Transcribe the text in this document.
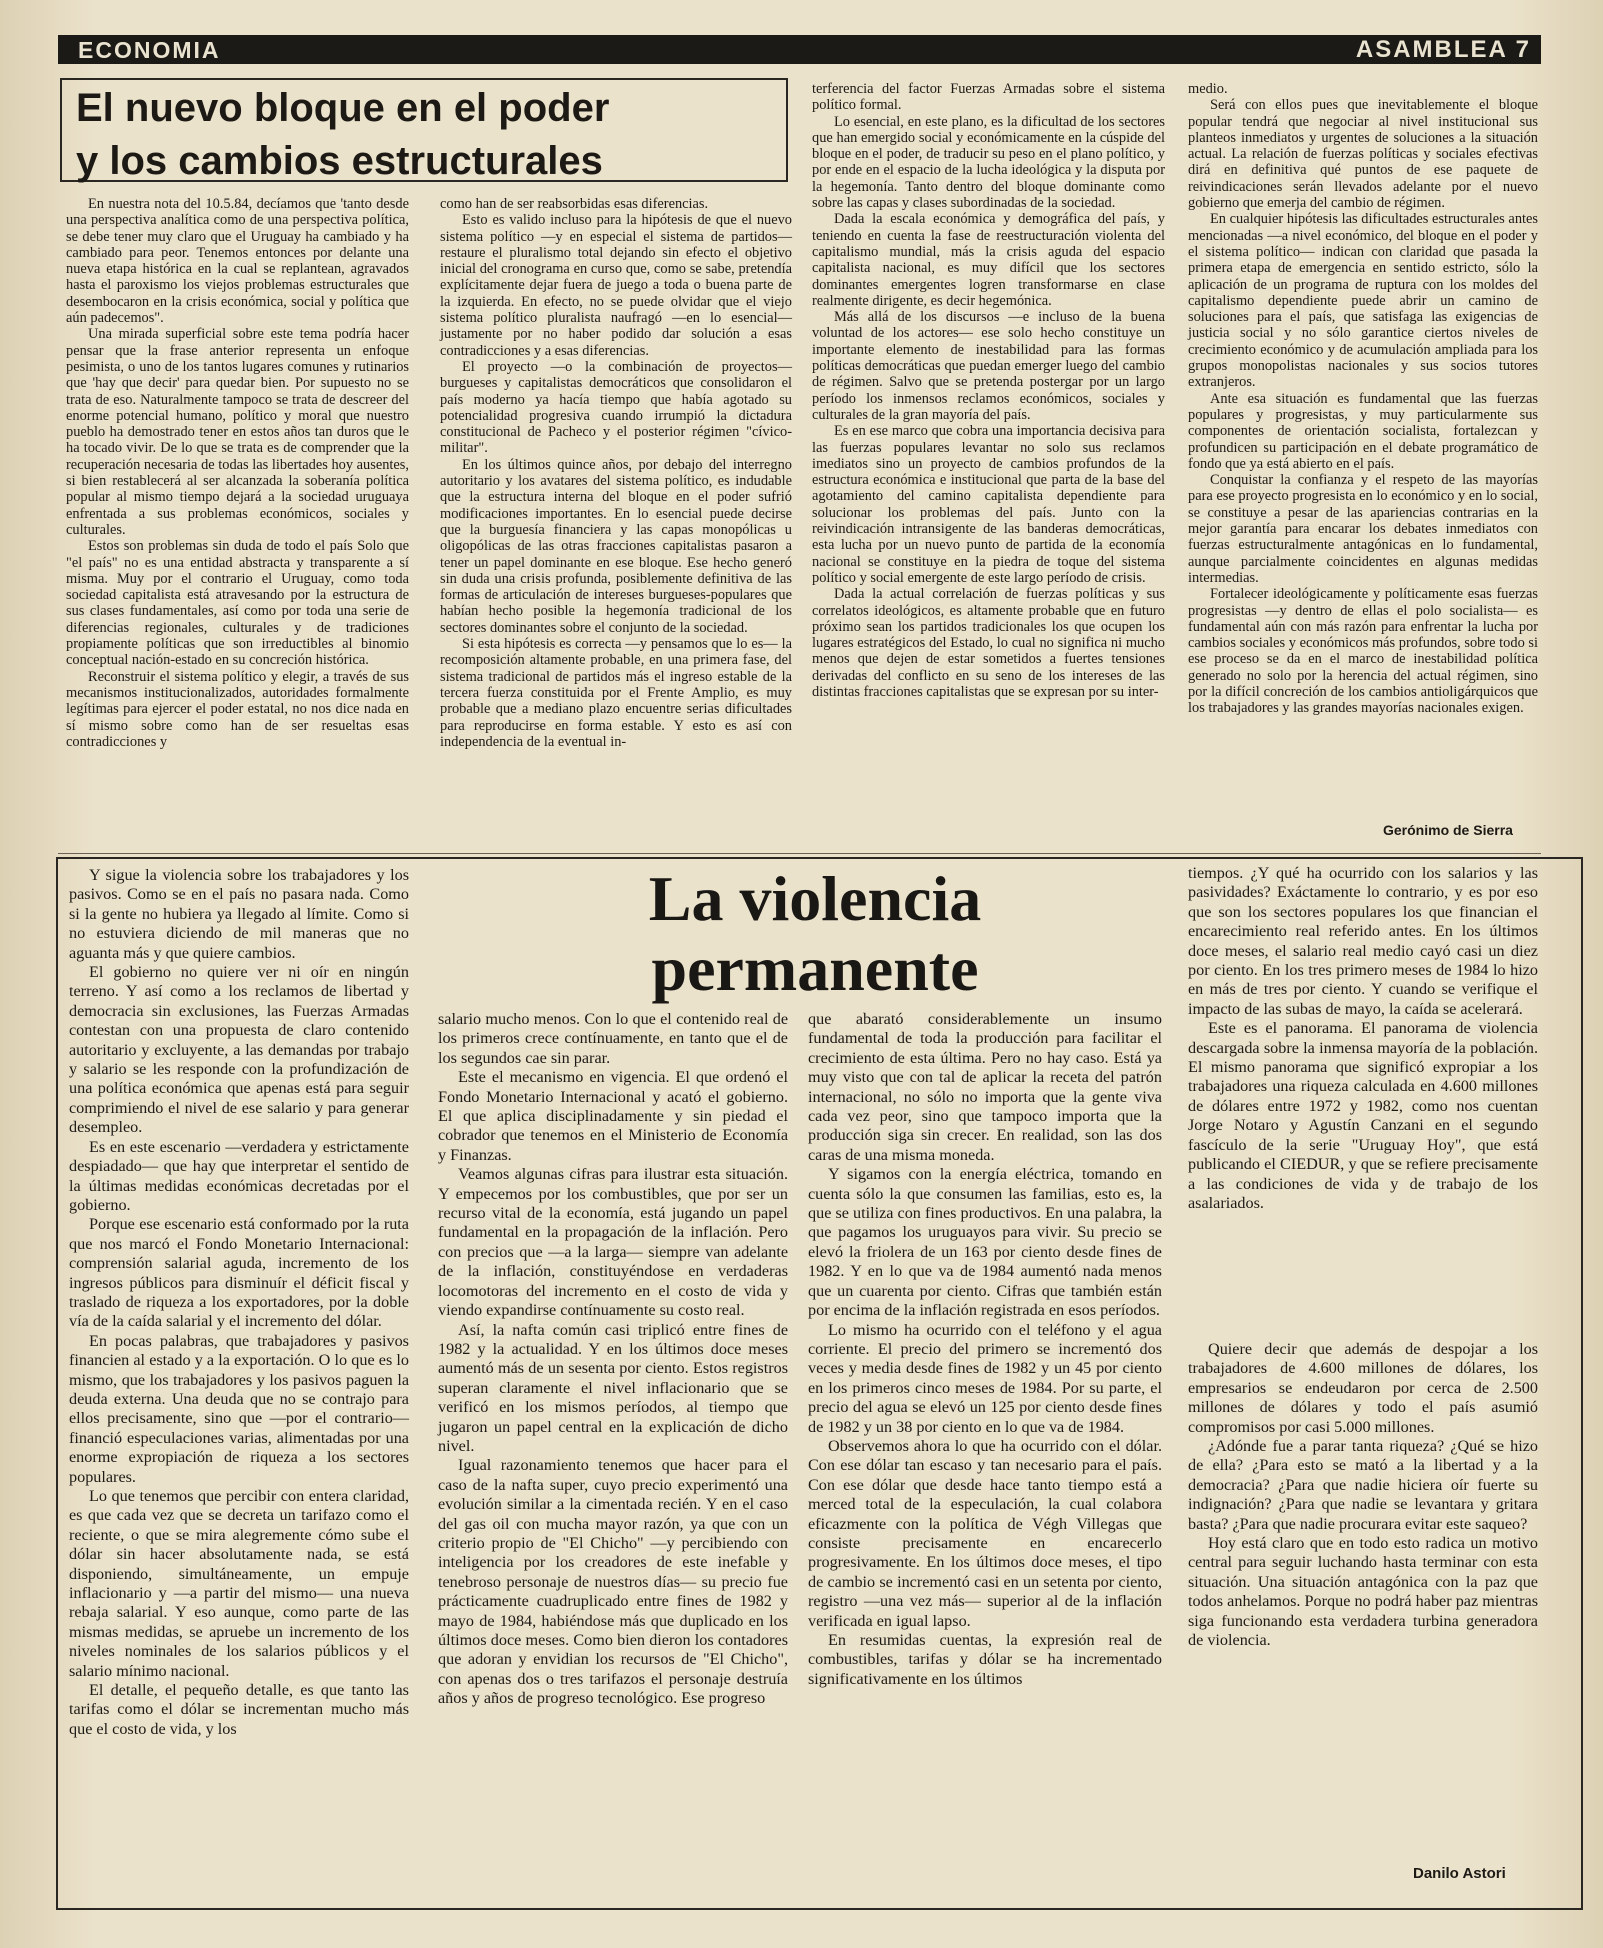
ECONOMIA	ASAMBLEA 7
El nuevo bloque en el poder
y los cambios estructurales

En nuestra nota del 10.5.84, decíamos que 'tanto desde una perspectiva analítica como de una perspectiva política, se debe tener muy claro que el Uruguay ha cambiado y ha cambiado para peor. Tenemos entonces por delante una nueva etapa histórica en la cual se replantean, agravados hasta el paroxismo los viejos problemas estructurales que desembocaron en la crisis económica, social y política que aún padecemos".

Una mirada superficial sobre este tema podría hacer pensar que la frase anterior representa un enfoque pesimista, o uno de los tantos lugares comunes y rutinarios que 'hay que decir' para quedar bien. Por supuesto no se trata de eso. Naturalmente tampoco se trata de descreer del enorme potencial humano, político y moral que nuestro pueblo ha demostrado tener en estos años tan duros que le ha tocado vivir. De lo que se trata es de comprender que la recuperación necesaria de todas las libertades hoy ausentes, si bien restablecerá al ser alcanzada la soberanía política popular al mismo tiempo dejará a la sociedad uruguaya enfrentada a sus problemas económicos, sociales y culturales.

Estos son problemas sin duda de todo el país Solo que "el país" no es una entidad abstracta y transparente a sí misma. Muy por el contrario el Uruguay, como toda sociedad capitalista está atravesando por la estructura de sus clases fundamentales, así como por toda una serie de diferencias regionales, culturales y de tradiciones propiamente políticas que son irreductibles al binomio conceptual nación-estado en su concreción histórica.

Reconstruir el sistema político y elegir, a través de sus mecanismos institucionalizados, autoridades formalmente legítimas para ejercer el poder estatal, no nos dice nada en sí mismo sobre como han de ser resueltas esas contradicciones y

como han de ser reabsorbidas esas diferencias.

Esto es valido incluso para la hipótesis de que el nuevo sistema político —y en especial el sistema de partidos— restaure el pluralismo total dejando sin efecto el objetivo inicial del cronograma en curso que, como se sabe, pretendía explícitamente dejar fuera de juego a toda o buena parte de la izquierda. En efecto, no se puede olvidar que el viejo sistema político pluralista naufragó —en lo esencial— justamente por no haber podido dar solución a esas contradicciones y a esas diferencias.

El proyecto —o la combinación de proyectos— burgueses y capitalistas democráticos que consolidaron el país moderno ya hacía tiempo que había agotado su potencialidad progresiva cuando irrumpió la dictadura constitucional de Pacheco y el posterior régimen "cívico-militar".

En los últimos quince años, por debajo del interregno autoritario y los avatares del sistema político, es indudable que la estructura interna del bloque en el poder sufrió modificaciones importantes. En lo esencial puede decirse que la burguesía financiera y las capas monopólicas u oligopólicas de las otras fracciones capitalistas pasaron a tener un papel dominante en ese bloque. Ese hecho generó sin duda una crisis profunda, posiblemente definitiva de las formas de articulación de intereses burgueses-populares que habían hecho posible la hegemonía tradicional de los sectores dominantes sobre el conjunto de la sociedad.

Si esta hipótesis es correcta —y pensamos que lo es— la recomposición altamente probable, en una primera fase, del sistema tradicional de partidos más el ingreso estable de la tercera fuerza constituida por el Frente Amplio, es muy probable que a mediano plazo encuentre serias dificultades para reproducirse en forma estable. Y esto es así con independencia de la eventual in-

terferencia del factor Fuerzas Armadas sobre el sistema político formal.

Lo esencial, en este plano, es la dificultad de los sectores que han emergido social y económicamente en la cúspide del bloque en el poder, de traducir su peso en el plano político, y por ende en el espacio de la lucha ideológica y la disputa por la hegemonía. Tanto dentro del bloque dominante como sobre las capas y clases subordinadas de la sociedad.

Dada la escala económica y demográfica del país, y teniendo en cuenta la fase de reestructuración violenta del capitalismo mundial, más la crisis aguda del espacio capitalista nacional, es muy difícil que los sectores dominantes emergentes logren transformarse en clase realmente dirigente, es decir hegemónica.

Más allá de los discursos —e incluso de la buena voluntad de los actores— ese solo hecho constituye un importante elemento de inestabilidad para las formas políticas democráticas que puedan emerger luego del cambio de régimen. Salvo que se pretenda postergar por un largo período los inmensos reclamos económicos, sociales y culturales de la gran mayoría del país.

Es en ese marco que cobra una importancia decisiva para las fuerzas populares levantar no solo sus reclamos imediatos sino un proyecto de cambios profundos de la estructura económica e institucional que parta de la base del agotamiento del camino capitalista dependiente para solucionar los problemas del país. Junto con la reivindicación intransigente de las banderas democráticas, esta lucha por un nuevo punto de partida de la economía nacional se constituye en la piedra de toque del sistema político y social emergente de este largo período de crisis.

Dada la actual correlación de fuerzas políticas y sus correlatos ideológicos, es altamente probable que en futuro próximo sean los partidos tradicionales los que ocupen los lugares estratégicos del Estado, lo cual no significa ni mucho menos que dejen de estar sometidos a fuertes tensiones derivadas del conflicto en su seno de los intereses de las distintas fracciones capitalistas que se expresan por su inter-

medio.

Será con ellos pues que inevitablemente el bloque popular tendrá que negociar al nivel institucional sus planteos inmediatos y urgentes de soluciones a la situación actual. La relación de fuerzas políticas y sociales efectivas dirá en definitiva qué puntos de ese paquete de reivindicaciones serán llevados adelante por el nuevo gobierno que emerja del cambio de régimen.

En cualquier hipótesis las dificultades estructurales antes mencionadas —a nivel económico, del bloque en el poder y el sistema político— indican con claridad que pasada la primera etapa de emergencia en sentido estricto, sólo la aplicación de un programa de ruptura con los moldes del capitalismo dependiente puede abrir un camino de soluciones para el país, que satisfaga las exigencias de justicia social y no sólo garantice ciertos niveles de crecimiento económico y de acumulación ampliada para los grupos monopolistas nacionales y sus socios tutores extranjeros.

Ante esa situación es fundamental que las fuerzas populares y progresistas, y muy particularmente sus componentes de orientación socialista, fortalezcan y profundicen su participación en el debate programático de fondo que ya está abierto en el país.

Conquistar la confianza y el respeto de las mayorías para ese proyecto progresista en lo económico y en lo social, se constituye a pesar de las apariencias contrarias en la mejor garantía para encarar los debates inmediatos con fuerzas estructuralmente antagónicas en lo fundamental, aunque parcialmente coincidentes en algunas medidas intermedias.

Fortalecer ideológicamente y políticamente esas fuerzas progresistas —y dentro de ellas el polo socialista— es fundamental aún con más razón para enfrentar la lucha por cambios sociales y económicos más profundos, sobre todo si ese proceso se da en el marco de inestabilidad política generado no solo por la herencia del actual régimen, sino por la difícil concreción de los cambios antioligárquicos que los trabajadores y las grandes mayorías nacionales exigen.

Gerónimo de Sierra
La violencia
permanente

Y sigue la violencia sobre los trabajadores y los pasivos. Como se en el país no pasara nada. Como si la gente no hubiera ya llegado al límite. Como si no estuviera diciendo de mil maneras que no aguanta más y que quiere cambios.

El gobierno no quiere ver ni oír en ningún terreno. Y así como a los reclamos de libertad y democracia sin exclusiones, las Fuerzas Armadas contestan con una propuesta de claro contenido autoritario y excluyente, a las demandas por trabajo y salario se les responde con la profundización de una política económica que apenas está para seguir comprimiendo el nivel de ese salario y para generar desempleo.

Es en este escenario —verdadera y estrictamente despiadado— que hay que interpretar el sentido de la últimas medidas económicas decretadas por el gobierno.

Porque ese escenario está conformado por la ruta que nos marcó el Fondo Monetario Internacional: comprensión salarial aguda, incremento de los ingresos públicos para disminuír el déficit fiscal y traslado de riqueza a los exportadores, por la doble vía de la caída salarial y el incremento del dólar.

En pocas palabras, que trabajadores y pasivos financien al estado y a la exportación. O lo que es lo mismo, que los trabajadores y los pasivos paguen la deuda externa. Una deuda que no se contrajo para ellos precisamente, sino que —por el contrario— financió especulaciones varias, alimentadas por una enorme expropiación de riqueza a los sectores populares.

Lo que tenemos que percibir con entera claridad, es que cada vez que se decreta un tarifazo como el reciente, o que se mira alegremente cómo sube el dólar sin hacer absolutamente nada, se está disponiendo, simultáneamente, un empuje inflacionario y —a partir del mismo— una nueva rebaja salarial. Y eso aunque, como parte de las mismas medidas, se apruebe un incremento de los niveles nominales de los salarios públicos y el salario mínimo nacional.

El detalle, el pequeño detalle, es que tanto las tarifas como el dólar se incrementan mucho más que el costo de vida, y los

salario mucho menos. Con lo que el contenido real de los primeros crece contínuamente, en tanto que el de los segundos cae sin parar.

Este el mecanismo en vigencia. El que ordenó el Fondo Monetario Internacional y acató el gobierno. El que aplica disciplinadamente y sin piedad el cobrador que tenemos en el Ministerio de Economía y Finanzas.

Veamos algunas cifras para ilustrar esta situación. Y empecemos por los combustibles, que por ser un recurso vital de la economía, está jugando un papel fundamental en la propagación de la inflación. Pero con precios que —a la larga— siempre van adelante de la inflación, constituyéndose en verdaderas locomotoras del incremento en el costo de vida y viendo expandirse contínuamente su costo real.

Así, la nafta común casi triplicó entre fines de 1982 y la actualidad. Y en los últimos doce meses aumentó más de un sesenta por ciento. Estos registros superan claramente el nivel inflacionario que se verificó en los mismos períodos, al tiempo que jugaron un papel central en la explicación de dicho nivel.

Igual razonamiento tenemos que hacer para el caso de la nafta super, cuyo precio experimentó una evolución similar a la cimentada recién. Y en el caso del gas oil con mucha mayor razón, ya que con un criterio propio de "El Chicho" —y percibiendo con inteligencia por los creadores de este inefable y tenebroso personaje de nuestros días— su precio fue prácticamente cuadruplicado entre fines de 1982 y mayo de 1984, habiéndose más que duplicado en los últimos doce meses. Como bien dieron los contadores que adoran y envidian los recursos de "El Chicho", con apenas dos o tres tarifazos el personaje destruía años y años de progreso tecnológico. Ese progreso

que abarató considerablemente un insumo fundamental de toda la producción para facilitar el crecimiento de esta última. Pero no hay caso. Está ya muy visto que con tal de aplicar la receta del patrón internacional, no sólo no importa que la gente viva cada vez peor, sino que tampoco importa que la producción siga sin crecer. En realidad, son las dos caras de una misma moneda.

Y sigamos con la energía eléctrica, tomando en cuenta sólo la que consumen las familias, esto es, la que se utiliza con fines productivos. En una palabra, la que pagamos los uruguayos para vivir. Su precio se elevó la friolera de un 163 por ciento desde fines de 1982. Y en lo que va de 1984 aumentó nada menos que un cuarenta por ciento. Cifras que también están por encima de la inflación registrada en esos períodos.

Lo mismo ha ocurrido con el teléfono y el agua corriente. El precio del primero se incrementó dos veces y media desde fines de 1982 y un 45 por ciento en los primeros cinco meses de 1984. Por su parte, el precio del agua se elevó un 125 por ciento desde fines de 1982 y un 38 por ciento en lo que va de 1984.

Observemos ahora lo que ha ocurrido con el dólar. Con ese dólar tan escaso y tan necesario para el país. Con ese dólar que desde hace tanto tiempo está a merced total de la especulación, la cual colabora eficazmente con la política de Végh Villegas que consiste precisamente en encarecerlo progresivamente. En los últimos doce meses, el tipo de cambio se incrementó casi en un setenta por ciento, registro —una vez más— superior al de la inflación verificada en igual lapso.

En resumidas cuentas, la expresión real de combustibles, tarifas y dólar se ha incrementado significativamente en los últimos

tiempos. ¿Y qué ha ocurrido con los salarios y las pasividades? Exáctamente lo contrario, y es por eso que son los sectores populares los que financian el encarecimiento real referido antes. En los últimos doce meses, el salario real medio cayó casi un diez por ciento. En los tres primero meses de 1984 lo hizo en más de tres por ciento. Y cuando se verifique el impacto de las subas de mayo, la caída se acelerará.

Este es el panorama. El panorama de violencia descargada sobre la inmensa mayoría de la población. El mismo panorama que significó expropiar a los trabajadores una riqueza calculada en 4.600 millones de dólares entre 1972 y 1982, como nos cuentan Jorge Notaro y Agustín Canzani en el segundo fascículo de la serie "Uruguay Hoy", que está publicando el CIEDUR, y que se refiere precisamente a las condiciones de vida y de trabajo de los asalariados.

Quiere decir que además de despojar a los trabajadores de 4.600 millones de dólares, los empresarios se endeudaron por cerca de 2.500 millones de dólares y todo el país asumió compromisos por casi 5.000 millones.

¿Adónde fue a parar tanta riqueza? ¿Qué se hizo de ella? ¿Para esto se mató a la libertad y a la democracia? ¿Para que nadie hiciera oír fuerte su indignación? ¿Para que nadie se levantara y gritara basta? ¿Para que nadie procurara evitar este saqueo?

Hoy está claro que en todo esto radica un motivo central para seguir luchando hasta terminar con esta situación. Una situación antagónica con la paz que todos anhelamos. Porque no podrá haber paz mientras siga funcionando esta verdadera turbina generadora de violencia.

Danilo Astori
